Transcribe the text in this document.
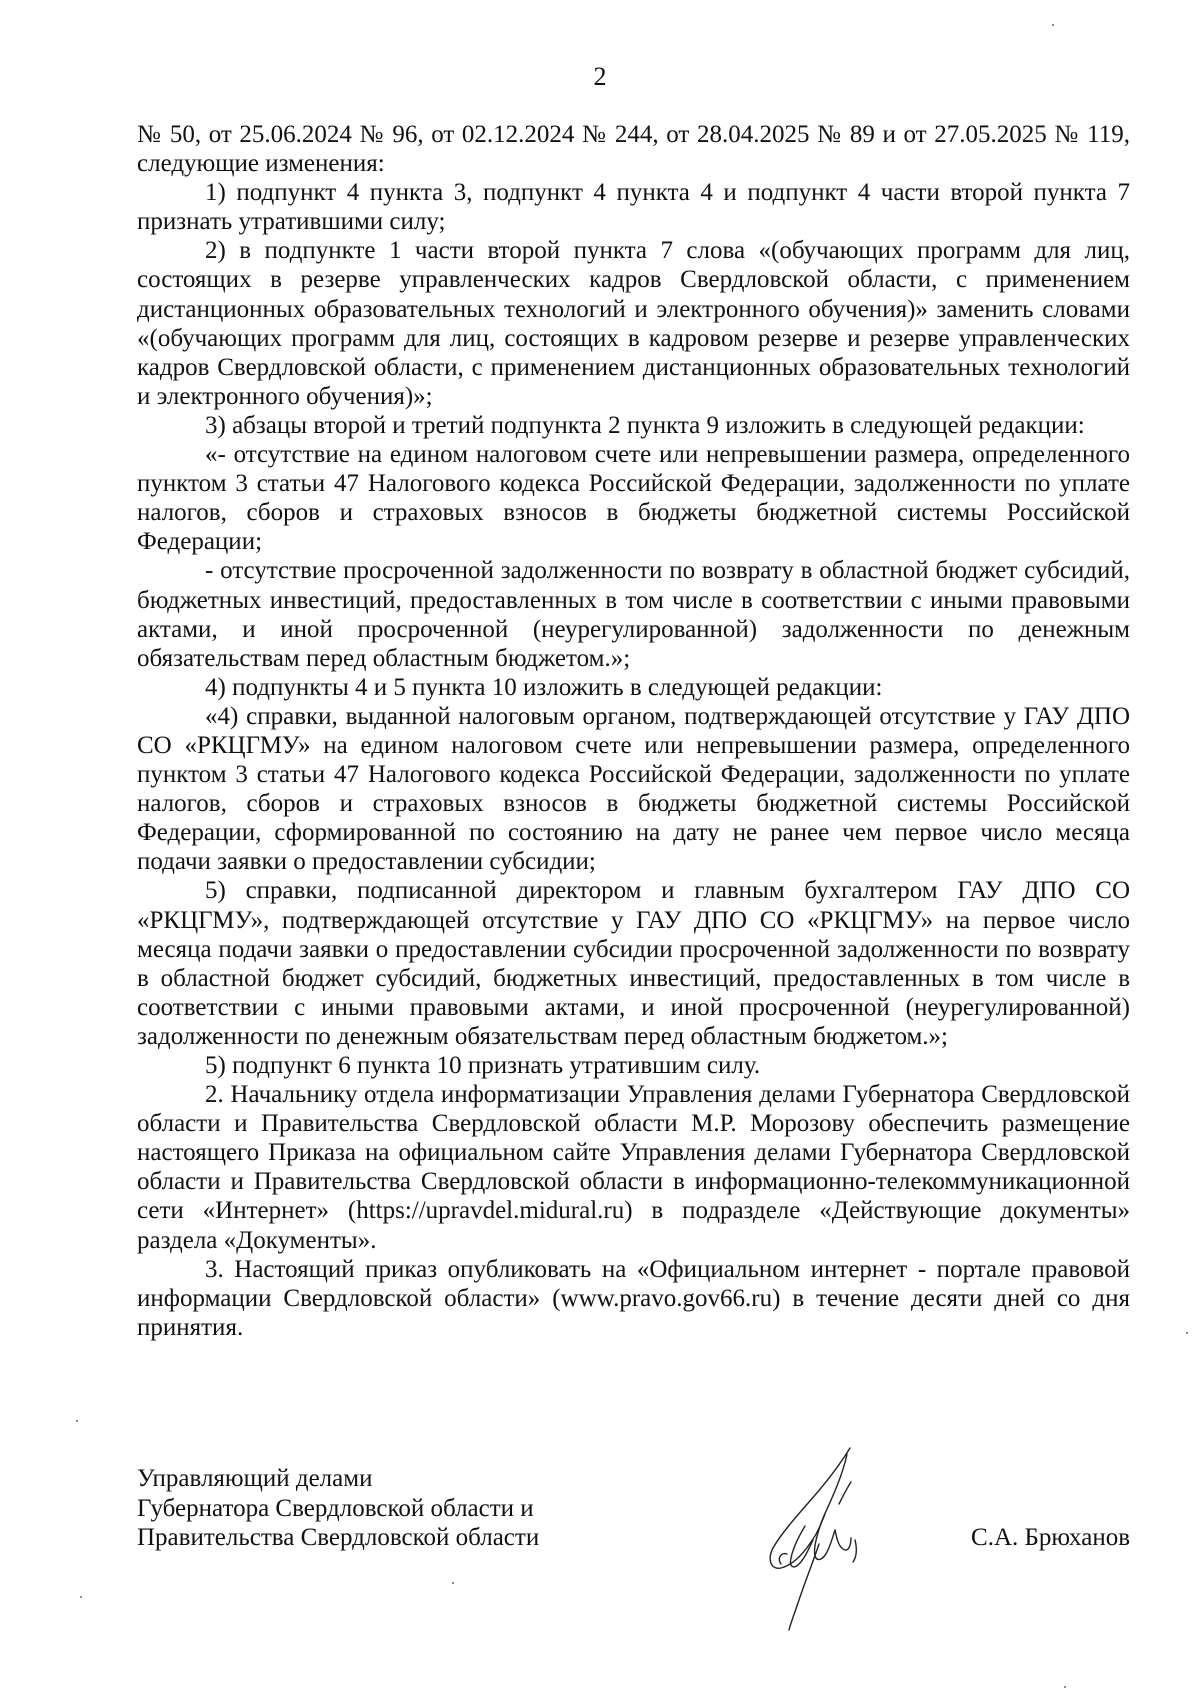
2

№ 50, от 25.06.2024 № 96, от 02.12.2024 № 244, от 28.04.2025 № 89 и от 27.05.2025 № 119, следующие изменения:

1) подпункт 4 пункта 3, подпункт 4 пункта 4 и подпункт 4 части второй пункта 7 признать утратившими силу;

2) в подпункте 1 части второй пункта 7 слова «(обучающих программ для лиц, состоящих в резерве управленческих кадров Свердловской области, с применением дистанционных образовательных технологий и электронного обучения)» заменить словами «(обучающих программ для лиц, состоящих в кадровом резерве и резерве управленческих кадров Свердловской области, с применением дистанционных образовательных технологий и электронного обучения)»;

3) абзацы второй и третий подпункта 2 пункта 9 изложить в следующей редакции:

«- отсутствие на едином налоговом счете или непревышении размера, определенного пунктом 3 статьи 47 Налогового кодекса Российской Федерации, задолженности по уплате налогов, сборов и страховых взносов в бюджеты бюджетной системы Российской Федерации;

- отсутствие просроченной задолженности по возврату в областной бюджет субсидий, бюджетных инвестиций, предоставленных в том числе в соответствии с иными правовыми актами, и иной просроченной (неурегулированной) задолженности по денежным обязательствам перед областным бюджетом.»;

4) подпункты 4 и 5 пункта 10 изложить в следующей редакции:

«4) справки, выданной налоговым органом, подтверждающей отсутствие у ГАУ ДПО СО «РКЦГМУ» на едином налоговом счете или непревышении размера, определенного пунктом 3 статьи 47 Налогового кодекса Российской Федерации, задолженности по уплате налогов, сборов и страховых взносов в бюджеты бюджетной системы Российской Федерации, сформированной по состоянию на дату не ранее чем первое число месяца подачи заявки о предоставлении субсидии;

5) справки, подписанной директором и главным бухгалтером ГАУ ДПО СО «РКЦГМУ», подтверждающей отсутствие у ГАУ ДПО СО «РКЦГМУ» на первое число месяца подачи заявки о предоставлении субсидии просроченной задолженности по возврату в областной бюджет субсидий, бюджетных инвестиций, предоставленных в том числе в соответствии с иными правовыми актами, и иной просроченной (неурегулированной) задолженности по денежным обязательствам перед областным бюджетом.»;

5) подпункт 6 пункта 10 признать утратившим силу.

2. Начальнику отдела информатизации Управления делами Губернатора Свердловской области и Правительства Свердловской области М.Р. Морозову обеспечить размещение настоящего Приказа на официальном сайте Управления делами Губернатора Свердловской области и Правительства Свердловской области в информационно-телекоммуникационной сети «Интернет» (https://upravdel.midural.ru) в подразделе «Действующие документы» раздела «Документы».

3. Настоящий приказ опубликовать на «Официальном интернет - портале правовой информации Свердловской области» (www.pravo.gov66.ru) в течение десяти дней со дня принятия.

Управляющий делами
Губернатора Свердловской области и
Правительства Свердловской области	С.А. Брюханов
